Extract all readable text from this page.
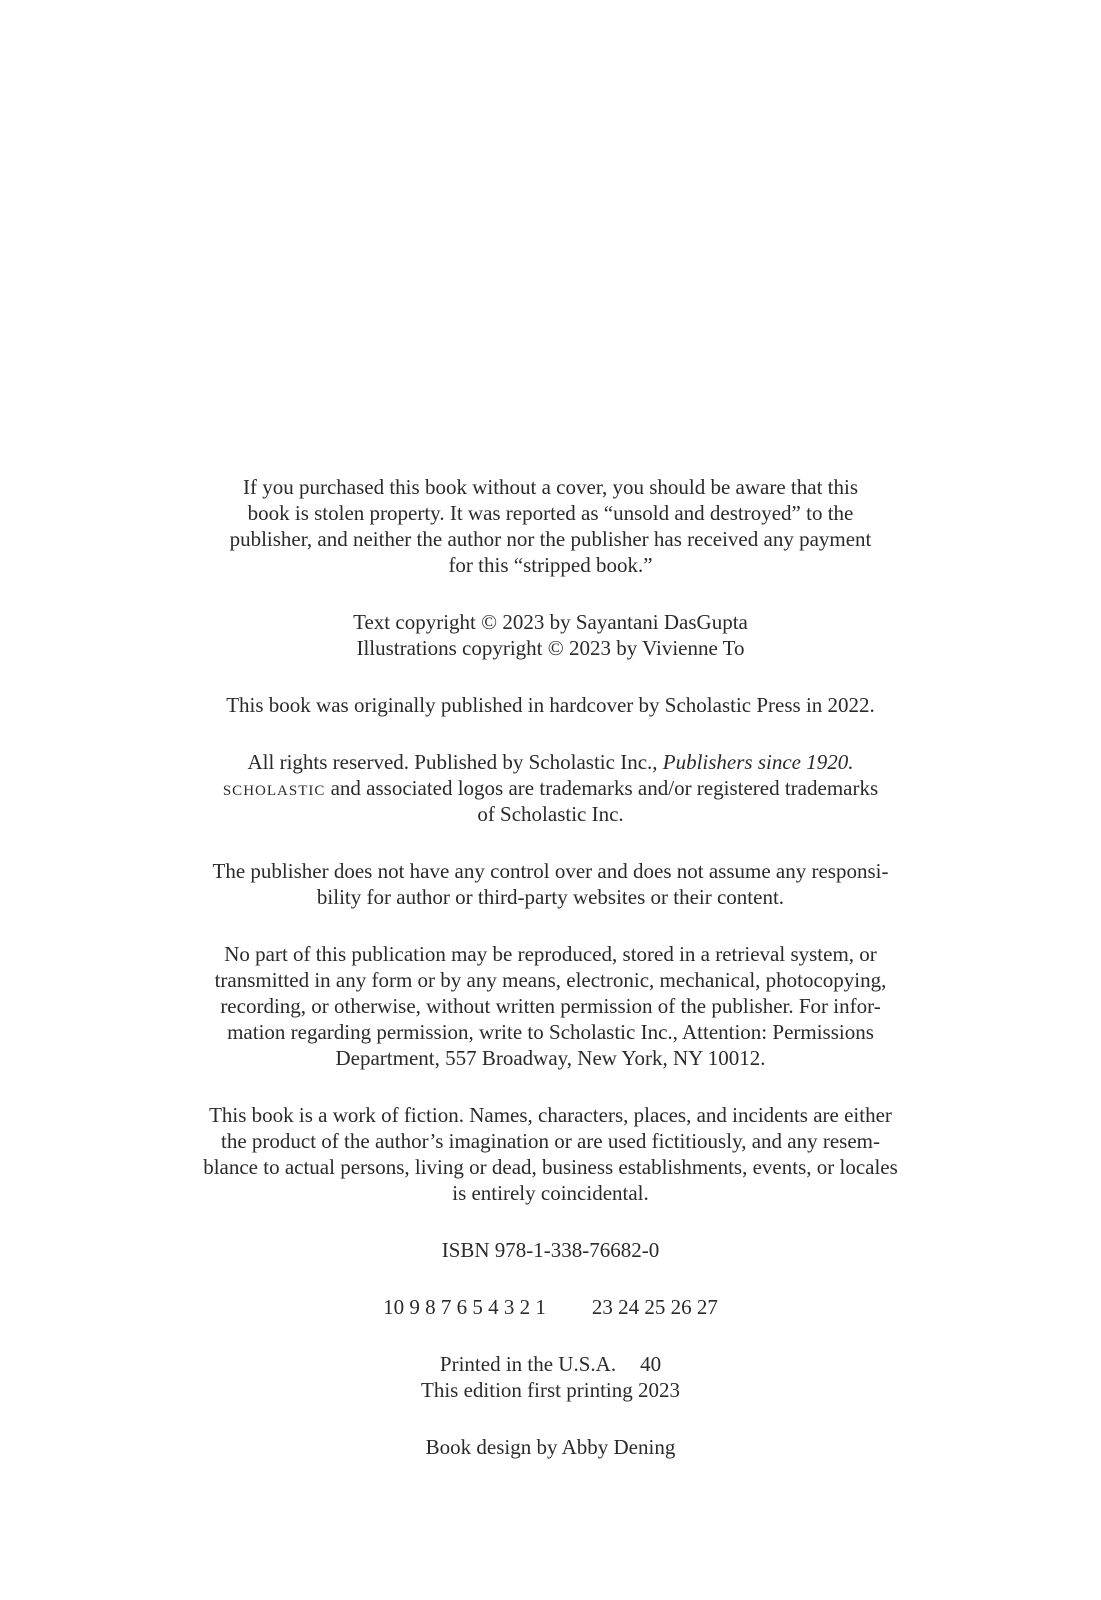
If you purchased this book without a cover, you should be aware that this
book is stolen property. It was reported as “unsold and destroyed” to the
publisher, and neither the author nor the publisher has received any payment
for this “stripped book.”
Text copyright © 2023 by Sayantani DasGupta
Illustrations copyright © 2023 by Vivienne To
This book was originally published in hardcover by Scholastic Press in 2022.
All rights reserved. Published by Scholastic Inc., Publishers since 1920.
scholastic and associated logos are trademarks and/or registered trademarks
of Scholastic Inc.
The publisher does not have any control over and does not assume any responsi-
bility for author or third-party websites or their content.
No part of this publication may be reproduced, stored in a retrieval system, or
transmitted in any form or by any means, electronic, mechanical, photocopying,
recording, or otherwise, without written permission of the publisher. For infor-
mation regarding permission, write to Scholastic Inc., Attention: Permissions
Department, 557 Broadway, New York, NY 10012.
This book is a work of fiction. Names, characters, places, and incidents are either
the product of the author’s imagination or are used fictitiously, and any resem-
blance to actual persons, living or dead, business establishments, events, or locales
is entirely coincidental.
ISBN 978-1-338-76682-0
10 9 8 7 6 5 4 3 2 1 23 24 25 26 27
Printed in the U.S.A. 40
This edition first printing 2023
Book design by Abby Dening
